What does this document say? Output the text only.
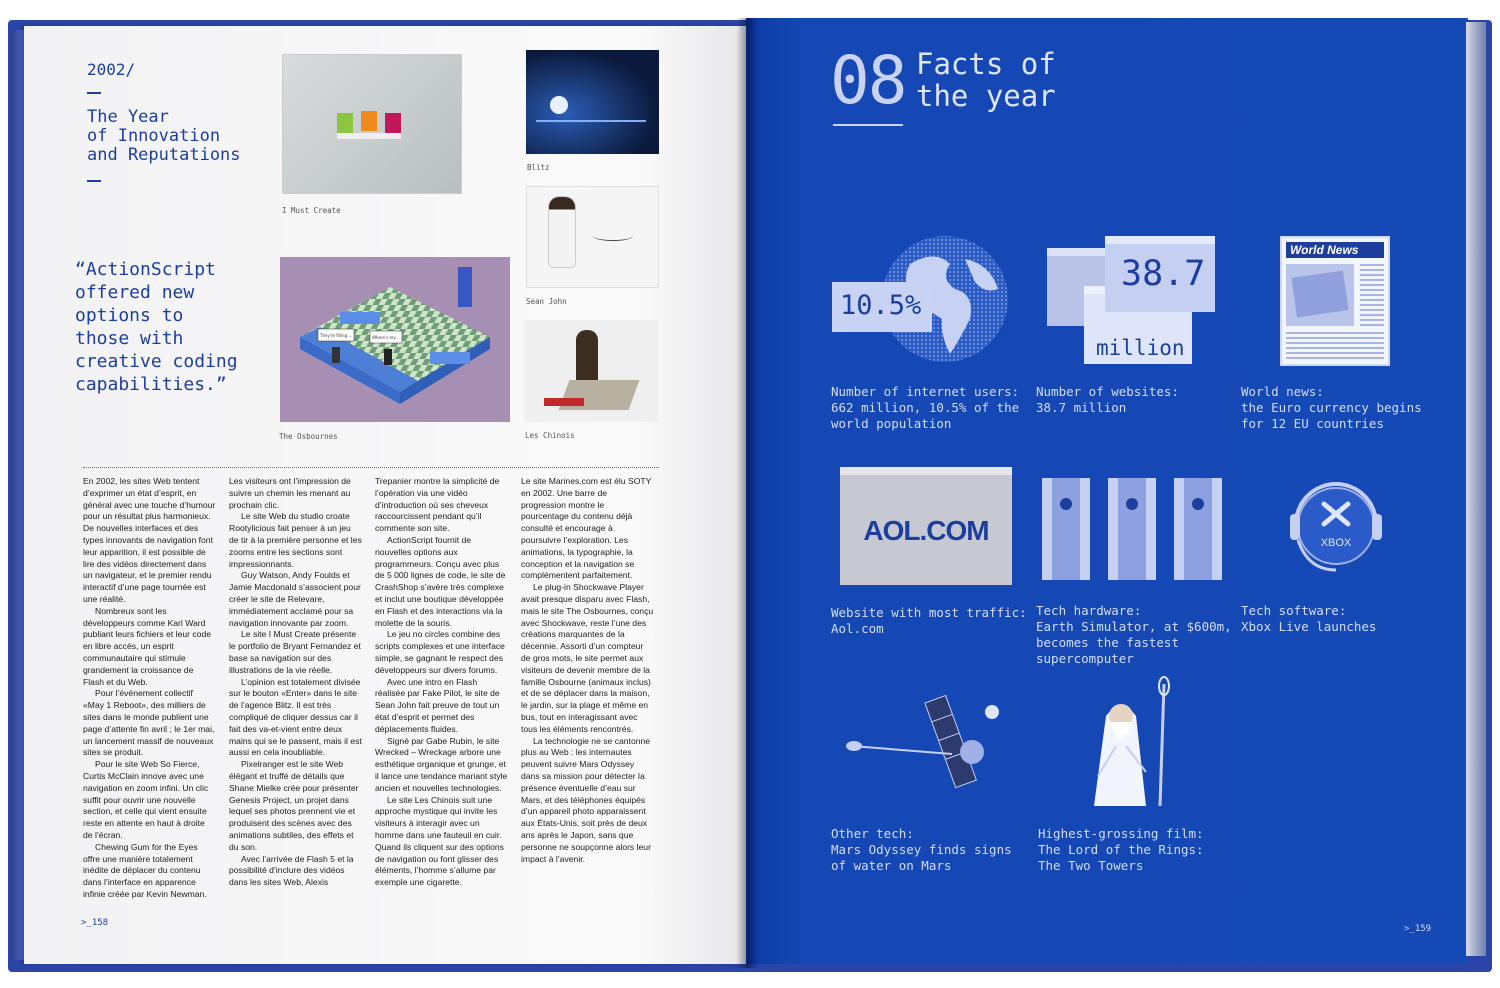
2002/
The Year
of Innovation
and Reputations
“ActionScript
offered new
options to
those with
creative coding
capabilities.”
I Must Create
Blitz
Sean John
They're filling ...	Where's my ...
The Osbournes	Les Chinois

En 2002, les sites Web tentent d’exprimer un état d’esprit, en général avec une touche d’humour pour un résultat plus harmonieux. De nouvelles interfaces et des types innovants de navigation font leur apparition, il est possible de lire des vidéos directement dans un navigateur, et le premier rendu interactif d’une page tournée est une réalité.

Nombreux sont les développeurs comme Karl Ward publiant leurs fichiers et leur code en libre accès, un esprit communautaire qui stimule grandement la croissance de Flash et du Web.

Pour l’événement collectif «May 1 Reboot», des milliers de sites dans le monde publient une page d’attente fin avril ; le 1er mai, un lancement massif de nouveaux sites se produit.

Pour le site Web So Fierce, Curtis McClain innove avec une navigation en zoom infini. Un clic suffit pour ouvrir une nouvelle section, et celle qui vient ensuite reste en attente en haut à droite de l’écran.

Chewing Gum for the Eyes offre une manière totalement inédite de déplacer du contenu dans l’interface en apparence infinie créée par Kevin Newman.

Les visiteurs ont l’impression de suivre un chemin les menant au prochain clic.

Le site Web du studio croate Rootylicious fait penser à un jeu de tir à la première personne et les zooms entre les sections sont impressionnants.

Guy Watson, Andy Foulds et Jamie Macdonald s’associent pour créer le site de Relevare, immédiatement acclamé pour sa navigation innovante par zoom.

Le site I Must Create présente le portfolio de Bryant Fernandez et base sa navigation sur des illustrations de la vie réelle.

L’opinion est totalement divisée sur le bouton «Enter» dans le site de l’agence Blitz. Il est très compliqué de cliquer dessus car il fait des va-et-vient entre deux mains qui se le passent, mais il est aussi en cela inoubliable.

Pixelranger est le site Web élégant et truffé de détails que Shane Mielke crée pour présenter Genesis Project, un projet dans lequel ses photos prennent vie et produisent des scènes avec des animations subtiles, des effets et du son.

Avec l’arrivée de Flash 5 et la possibilité d’inclure des vidéos dans les sites Web, Alexis

Trepanier montre la simplicité de l’opération via une vidéo d’introduction où ses cheveux raccourcissent pendant qu’il commente son site.

ActionScript fournit de nouvelles options aux programmeurs. Conçu avec plus de 5 000 lignes de code, le site de CrashShop s’avère très complexe et inclut une boutique développée en Flash et des interactions via la molette de la souris.

Le jeu no circles combine des scripts complexes et une interface simple, se gagnant le respect des développeurs sur divers forums.

Avec une intro en Flash réalisée par Fake Pilot, le site de Sean John fait preuve de tout un état d’esprit et permet des déplacements fluides.

Signé par Gabe Rubin, le site Wrecked – Wreckage arbore une esthétique organique et grunge, et il lance une tendance mariant style ancien et nouvelles technologies.

Le site Les Chinois suit une approche mystique qui invite les visiteurs à interagir avec un homme dans une fauteuil en cuir. Quand ils cliquent sur des options de navigation ou font glisser des éléments, l’homme s’allume par exemple une cigarette.

Le site Marines.com est élu SOTY en 2002. Une barre de progression montre le pourcentage du contenu déjà consulté et encourage à poursuivre l’exploration. Les animations, la typographie, la conception et la navigation se complémentent parfaitement.

Le plug-in Shockwave Player avait presque disparu avec Flash, mais le site The Osbournes, conçu avec Shockwave, reste l’une des créations marquantes de la décennie. Assorti d’un compteur de gros mots, le site permet aux visiteurs de devenir membre de la famille Osbourne (animaux inclus) et de se déplacer dans la maison, le jardin, sur la plage et même en bus, tout en interagissant avec tous les éléments rencontrés.

La technologie ne se cantonne plus au Web : les internautes peuvent suivre Mars Odyssey dans sa mission pour détecter la présence éventuelle d’eau sur Mars, et des téléphones équipés d’un appareil photo apparaissent aux États-Unis, soit près de deux ans après le Japon, sans que personne ne soupçonne alors leur impact à l’avenir.

>_158
08 Facts of
the year
10.5%
Number of internet users:
662 million, 10.5% of the
world population
million
38.7
Number of websites:
38.7 million
World News
World news:
the Euro currency begins
for 12 EU countries
AOL.COM
Website with most traffic:
Aol.com
Tech hardware:
Earth Simulator, at $600m,
becomes the fastest
supercomputer
XBOX
Tech software:
Xbox Live launches
Other tech:
Mars Odyssey finds signs
of water on Mars
Highest-grossing film:
The Lord of the Rings:
The Two Towers
>_159
